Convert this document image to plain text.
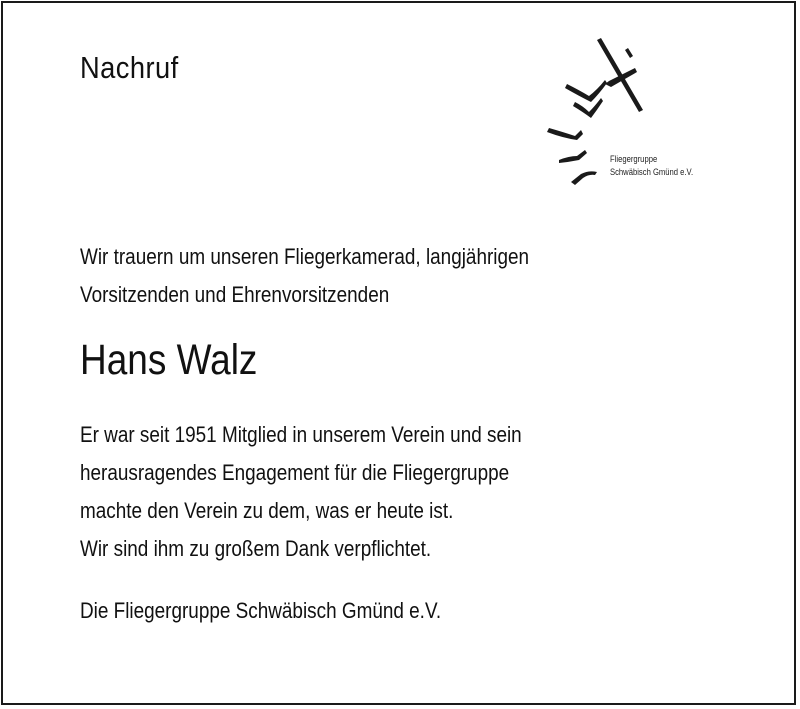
Nachruf
Fliegergruppe
Schwäbisch Gmünd e.V.
Wir trauern um unseren Fliegerkamerad, langjährigen
Vorsitzenden und Ehrenvorsitzenden
Hans Walz
Er war seit 1951 Mitglied in unserem Verein und sein
herausragendes Engagement für die Fliegergruppe
machte den Verein zu dem, was er heute ist.
Wir sind ihm zu großem Dank verpflichtet.
Die Fliegergruppe Schwäbisch Gmünd e.V.
